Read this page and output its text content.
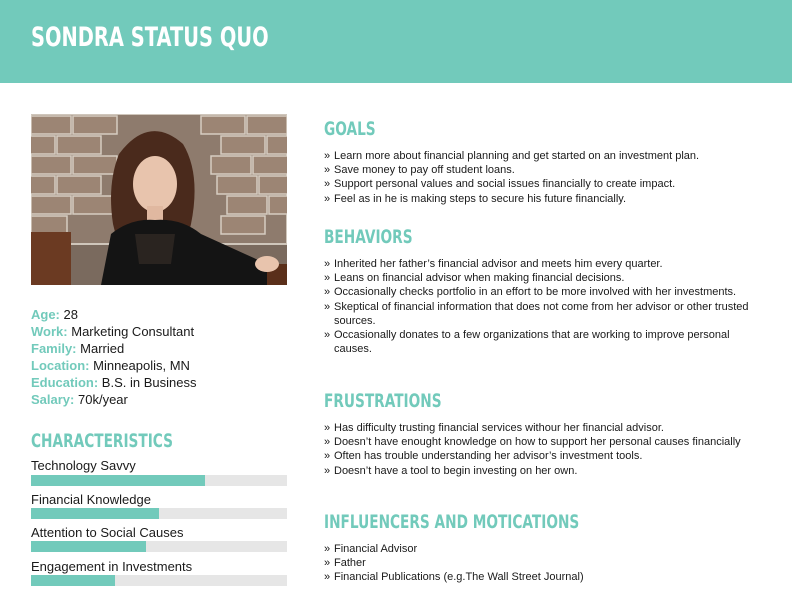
SONDRA STATUS QUO
Age: 28
Work: Marketing Consultant
Family: Married
Location: Minneapolis, MN
Education: B.S. in Business
Salary: 70k/year
CHARACTERISTICS
Technology Savvy
Financial Knowledge
Attention to Social Causes
Engagement in Investments
GOALS
» Learn more about financial planning and get started on an investment plan.
» Save money to pay off student loans.
» Support personal values and social issues financially to create impact.
» Feel as in he is making steps to secure his future financially.
BEHAVIORS
» Inherited her father’s financial advisor and meets him every quarter.
» Leans on financial advisor when making financial decisions.
» Occasionally checks portfolio in an effort to be more involved with her investments.
» Skeptical of financial information that does not come from her advisor or other trusted sources.
» Occasionally donates to a few organizations that are working to improve personal causes.
FRUSTRATIONS
» Has difficulty trusting financial services withour her financial advisor.
» Doesn’t have enought knowledge on how to support her personal causes financially
» Often has trouble understanding her advisor’s investment tools.
» Doesn’t have a tool to begin investing on her own.
INFLUENCERS AND MOTICATIONS
» Financial Advisor
» Father
» Financial Publications (e.g.The Wall Street Journal)
